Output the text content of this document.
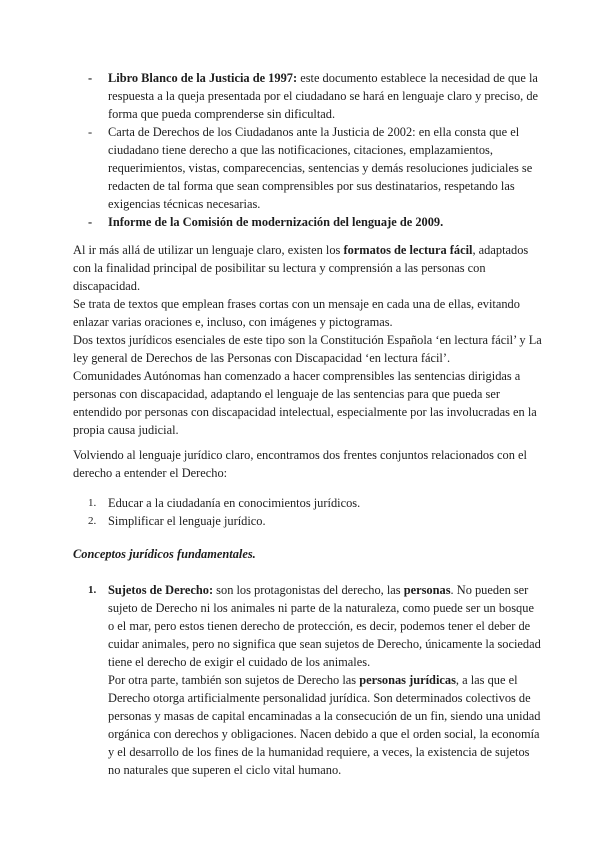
- Libro Blanco de la Justicia de 1997: este documento establece la necesidad de que la respuesta a la queja presentada por el ciudadano se hará en lenguaje claro y preciso, de forma que pueda comprenderse sin dificultad.
- Carta de Derechos de los Ciudadanos ante la Justicia de 2002: en ella consta que el ciudadano tiene derecho a que las notificaciones, citaciones, emplazamientos, requerimientos, vistas, comparecencias, sentencias y demás resoluciones judiciales se redacten de tal forma que sean comprensibles por sus destinatarios, respetando las exigencias técnicas necesarias.
- Informe de la Comisión de modernización del lenguaje de 2009.
Al ir más allá de utilizar un lenguaje claro, existen los formatos de lectura fácil, adaptados con la finalidad principal de posibilitar su lectura y comprensión a las personas con discapacidad.
Se trata de textos que emplean frases cortas con un mensaje en cada una de ellas, evitando enlazar varias oraciones e, incluso, con imágenes y pictogramas.
Dos textos jurídicos esenciales de este tipo son la Constitución Española ‘en lectura fácil’ y La ley general de Derechos de las Personas con Discapacidad ‘en lectura fácil’.
Comunidades Autónomas han comenzado a hacer comprensibles las sentencias dirigidas a personas con discapacidad, adaptando el lenguaje de las sentencias para que pueda ser entendido por personas con discapacidad intelectual, especialmente por las involucradas en la propia causa judicial.

Volviendo al lenguaje jurídico claro, encontramos dos frentes conjuntos relacionados con el derecho a entender el Derecho:

1. Educar a la ciudadanía en conocimientos jurídicos.
2. Simplificar el lenguaje jurídico.
Conceptos jurídicos fundamentales.
1. Sujetos de Derecho: son los protagonistas del derecho, las personas. No pueden ser sujeto de Derecho ni los animales ni parte de la naturaleza, como puede ser un bosque o el mar, pero estos tienen derecho de protección, es decir, podemos tener el deber de cuidar animales, pero no significa que sean sujetos de Derecho, únicamente la sociedad tiene el derecho de exigir el cuidado de los animales.
Por otra parte, también son sujetos de Derecho las personas jurídicas, a las que el Derecho otorga artificialmente personalidad jurídica. Son determinados colectivos de personas y masas de capital encaminadas a la consecución de un fin, siendo una unidad orgánica con derechos y obligaciones. Nacen debido a que el orden social, la economía y el desarrollo de los fines de la humanidad requiere, a veces, la existencia de sujetos no naturales que superen el ciclo vital humano.
